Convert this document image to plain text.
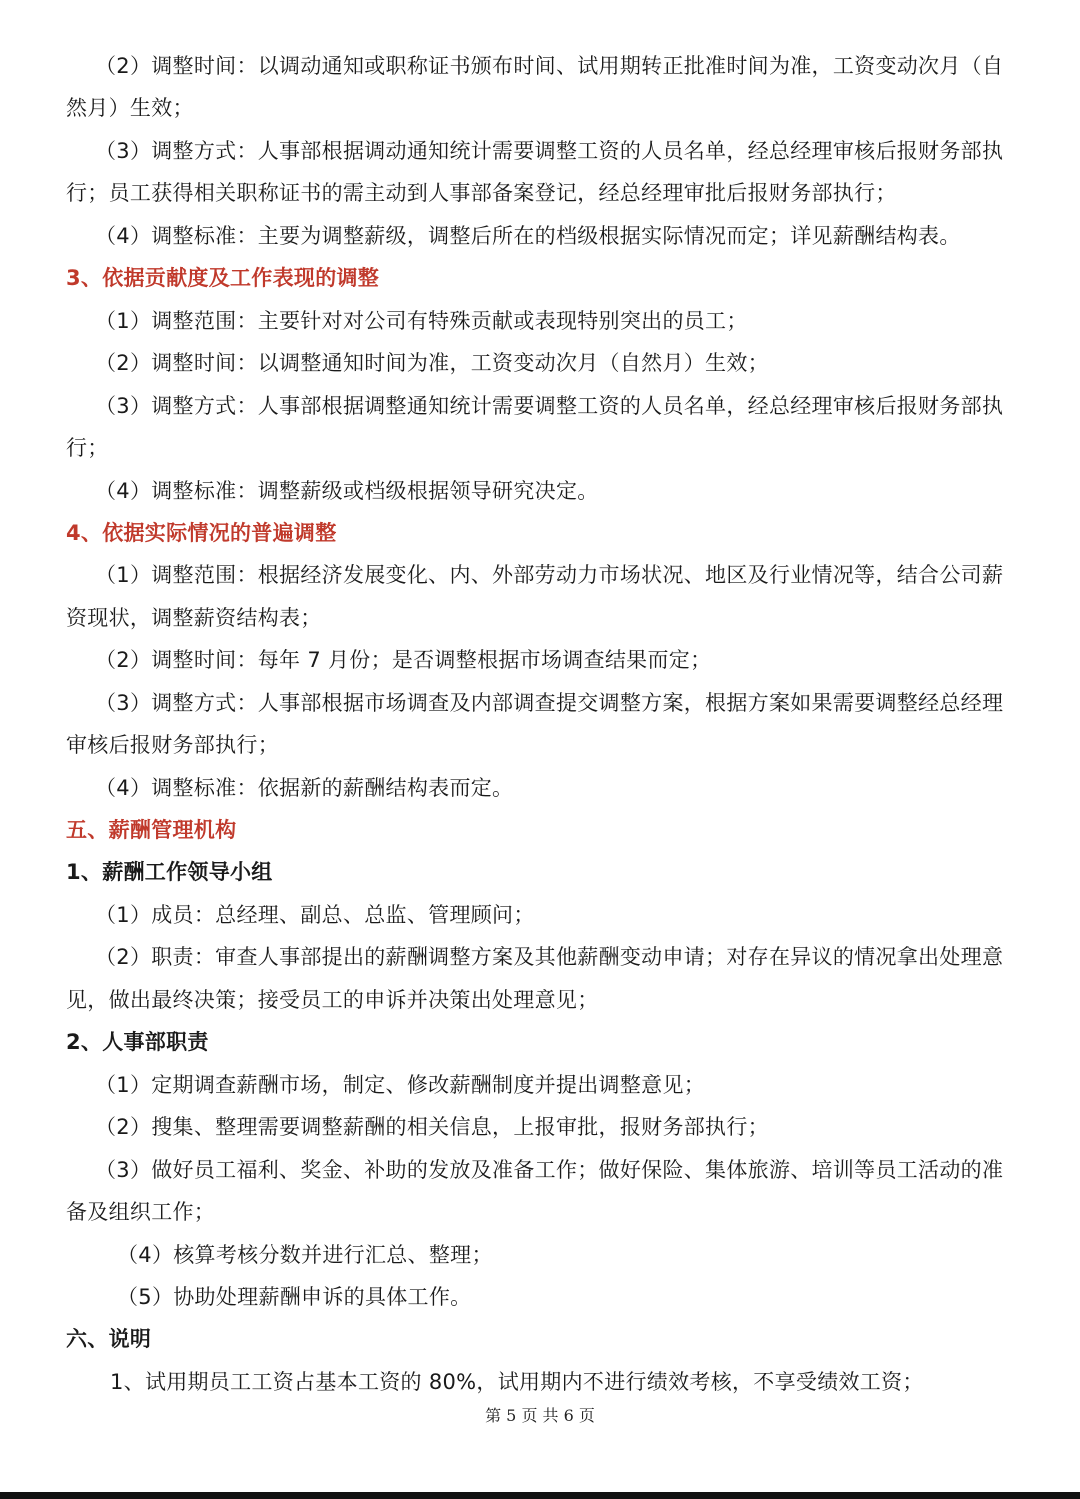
（2）调整时间：以调动通知或职称证书颁布时间、试用期转正批准时间为准，工资变动次月（自
然月）生效；
（3）调整方式：人事部根据调动通知统计需要调整工资的人员名单，经总经理审核后报财务部执
行；员工获得相关职称证书的需主动到人事部备案登记，经总经理审批后报财务部执行；
（4）调整标准：主要为调整薪级，调整后所在的档级根据实际情况而定；详见薪酬结构表。
3、依据贡献度及工作表现的调整
（1）调整范围：主要针对对公司有特殊贡献或表现特别突出的员工；
（2）调整时间：以调整通知时间为准，工资变动次月（自然月）生效；
（3）调整方式：人事部根据调整通知统计需要调整工资的人员名单，经总经理审核后报财务部执
行；
（4）调整标准：调整薪级或档级根据领导研究决定。
4、依据实际情况的普遍调整
（1）调整范围：根据经济发展变化、内、外部劳动力市场状况、地区及行业情况等，结合公司薪
资现状，调整薪资结构表；
（2）调整时间：每年 7 月份；是否调整根据市场调查结果而定；
（3）调整方式：人事部根据市场调查及内部调查提交调整方案，根据方案如果需要调整经总经理
审核后报财务部执行；
（4）调整标准：依据新的薪酬结构表而定。
五、薪酬管理机构
1、薪酬工作领导小组
（1）成员：总经理、副总、总监、管理顾问；
（2）职责：审查人事部提出的薪酬调整方案及其他薪酬变动申请；对存在异议的情况拿出处理意
见，做出最终决策；接受员工的申诉并决策出处理意见；
2、人事部职责
（1）定期调查薪酬市场，制定、修改薪酬制度并提出调整意见；
（2）搜集、整理需要调整薪酬的相关信息，上报审批，报财务部执行；
（3）做好员工福利、奖金、补助的发放及准备工作；做好保险、集体旅游、培训等员工活动的准
备及组织工作；
（4）核算考核分数并进行汇总、整理；
（5）协助处理薪酬申诉的具体工作。
六、说明
1、试用期员工工资占基本工资的 80%，试用期内不进行绩效考核，不享受绩效工资；
第 5 页 共 6 页
